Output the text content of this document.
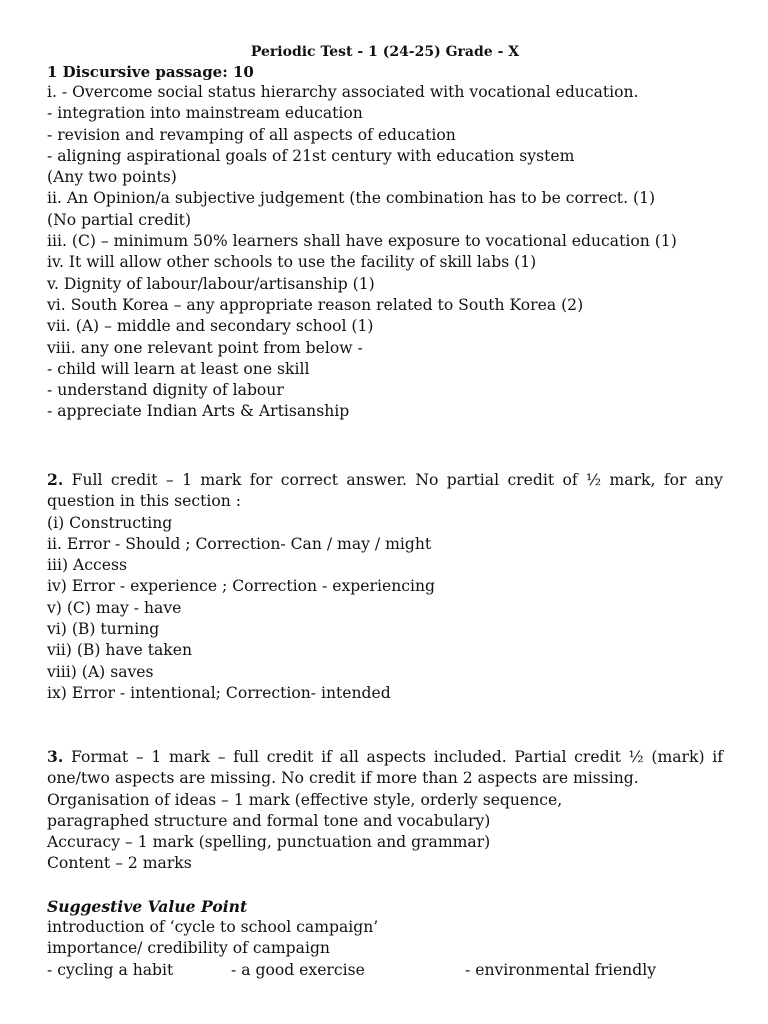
Periodic Test - 1 (24-25) Grade - X
1 Discursive passage: 10
i. - Overcome social status hierarchy associated with vocational education.
- integration into mainstream education
- revision and revamping of all aspects of education
- aligning aspirational goals of 21st century with education system
(Any two points)
ii. An Opinion/a subjective judgement (the combination has to be correct. (1)
(No partial credit)
iii. (C) – minimum 50% learners shall have exposure to vocational education (1)
iv. It will allow other schools to use the facility of skill labs (1)
v. Dignity of labour/labour/artisanship (1)
vi. South Korea – any appropriate reason related to South Korea (2)
vii. (A) – middle and secondary school (1)
viii. any one relevant point from below -
- child will learn at least one skill
- understand dignity of labour
- appreciate Indian Arts & Artisanship
2. Full credit – 1 mark for correct answer. No partial credit of ½ mark, for any question in this section :
(i) Constructing
ii. Error - Should ; Correction- Can / may / might
iii) Access
iv) Error - experience ; Correction - experiencing
v) (C) may - have
vi) (B) turning
vii) (B) have taken
viii) (A) saves
ix) Error - intentional; Correction- intended
3. Format – 1 mark – full credit if all aspects included. Partial credit ½ (mark) if one/two aspects are missing. No credit if more than 2 aspects are missing.
Organisation of ideas – 1 mark (effective style, orderly sequence,
paragraphed structure and formal tone and vocabulary)
Accuracy – 1 mark (spelling, punctuation and grammar)
Content – 2 marks
Suggestive Value Point
introduction of ‘cycle to school campaign’
importance/ credibility of campaign
- cycling a habit	- a good exercise	- environmental friendly
